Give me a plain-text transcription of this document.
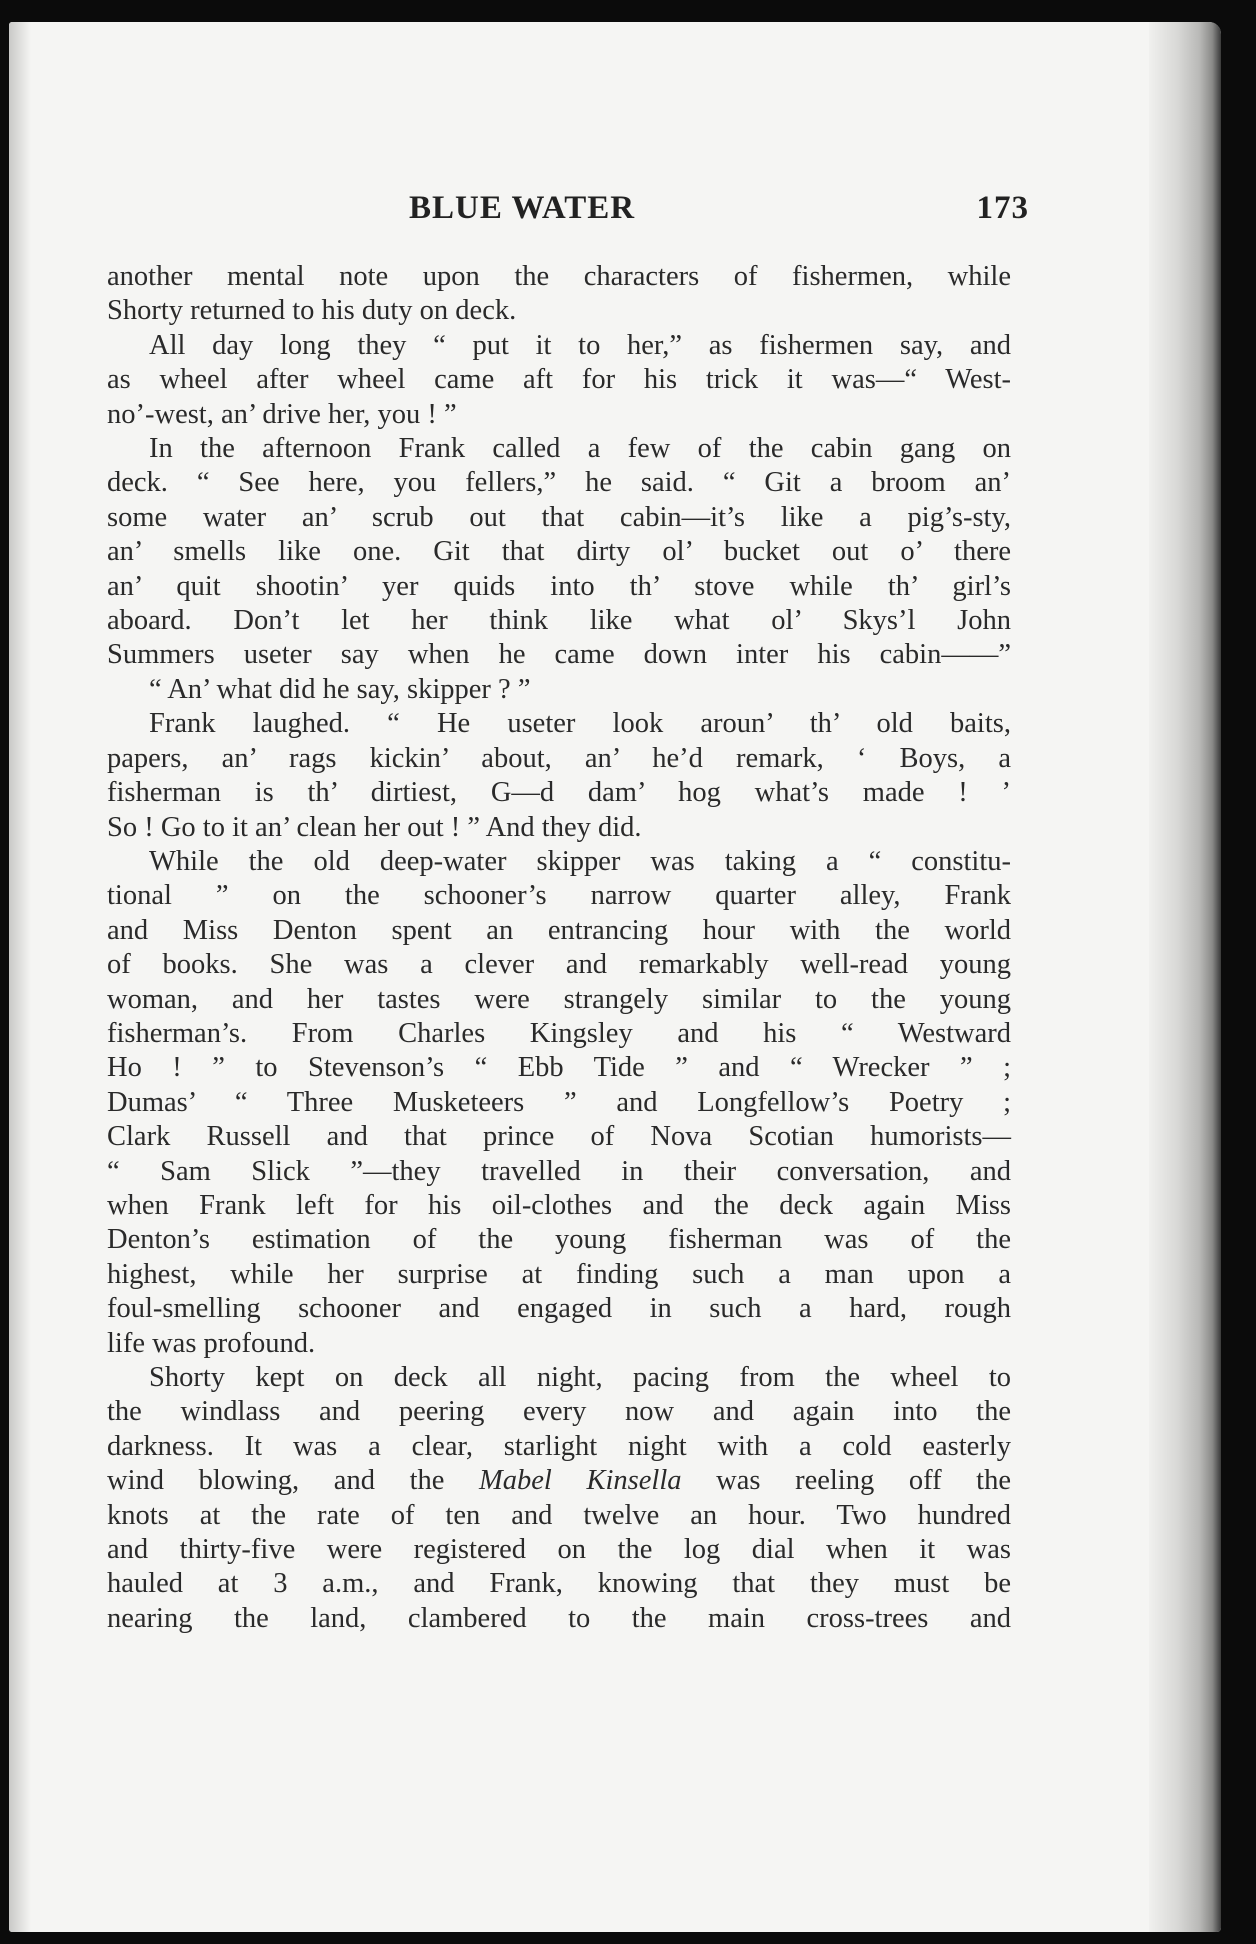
BLUE WATER	173

another mental note upon the characters of fishermen, while

Shorty returned to his duty on deck.

All day long they “ put it to her,” as fishermen say, and

as wheel after wheel came aft for his trick it was—“ West-

no’-west, an’ drive her, you ! ”

In the afternoon Frank called a few of the cabin gang on

deck. “ See here, you fellers,” he said. “ Git a broom an’

some water an’ scrub out that cabin—it’s like a pig’s-sty,

an’ smells like one. Git that dirty ol’ bucket out o’ there

an’ quit shootin’ yer quids into th’ stove while th’ girl’s

aboard. Don’t let her think like what ol’ Skys’l John

Summers useter say when he came down inter his cabin——”

“ An’ what did he say, skipper ? ”

Frank laughed. “ He useter look aroun’ th’ old baits,

papers, an’ rags kickin’ about, an’ he’d remark, ‘ Boys, a

fisherman is th’ dirtiest, G—d dam’ hog what’s made ! ’

So ! Go to it an’ clean her out ! ” And they did.

While the old deep-water skipper was taking a “ constitu-

tional ” on the schooner’s narrow quarter alley, Frank

and Miss Denton spent an entrancing hour with the world

of books. She was a clever and remarkably well-read young

woman, and her tastes were strangely similar to the young

fisherman’s. From Charles Kingsley and his “ Westward

Ho ! ” to Stevenson’s “ Ebb Tide ” and “ Wrecker ” ;

Dumas’ “ Three Musketeers ” and Longfellow’s Poetry ;

Clark Russell and that prince of Nova Scotian humorists—

“ Sam Slick ”—they travelled in their conversation, and

when Frank left for his oil-clothes and the deck again Miss

Denton’s estimation of the young fisherman was of the

highest, while her surprise at finding such a man upon a

foul-smelling schooner and engaged in such a hard, rough

life was profound.

Shorty kept on deck all night, pacing from the wheel to

the windlass and peering every now and again into the

darkness. It was a clear, starlight night with a cold easterly

wind blowing, and the Mabel Kinsella was reeling off the

knots at the rate of ten and twelve an hour. Two hundred

and thirty-five were registered on the log dial when it was

hauled at 3 a.m., and Frank, knowing that they must be

nearing the land, clambered to the main cross-trees and
